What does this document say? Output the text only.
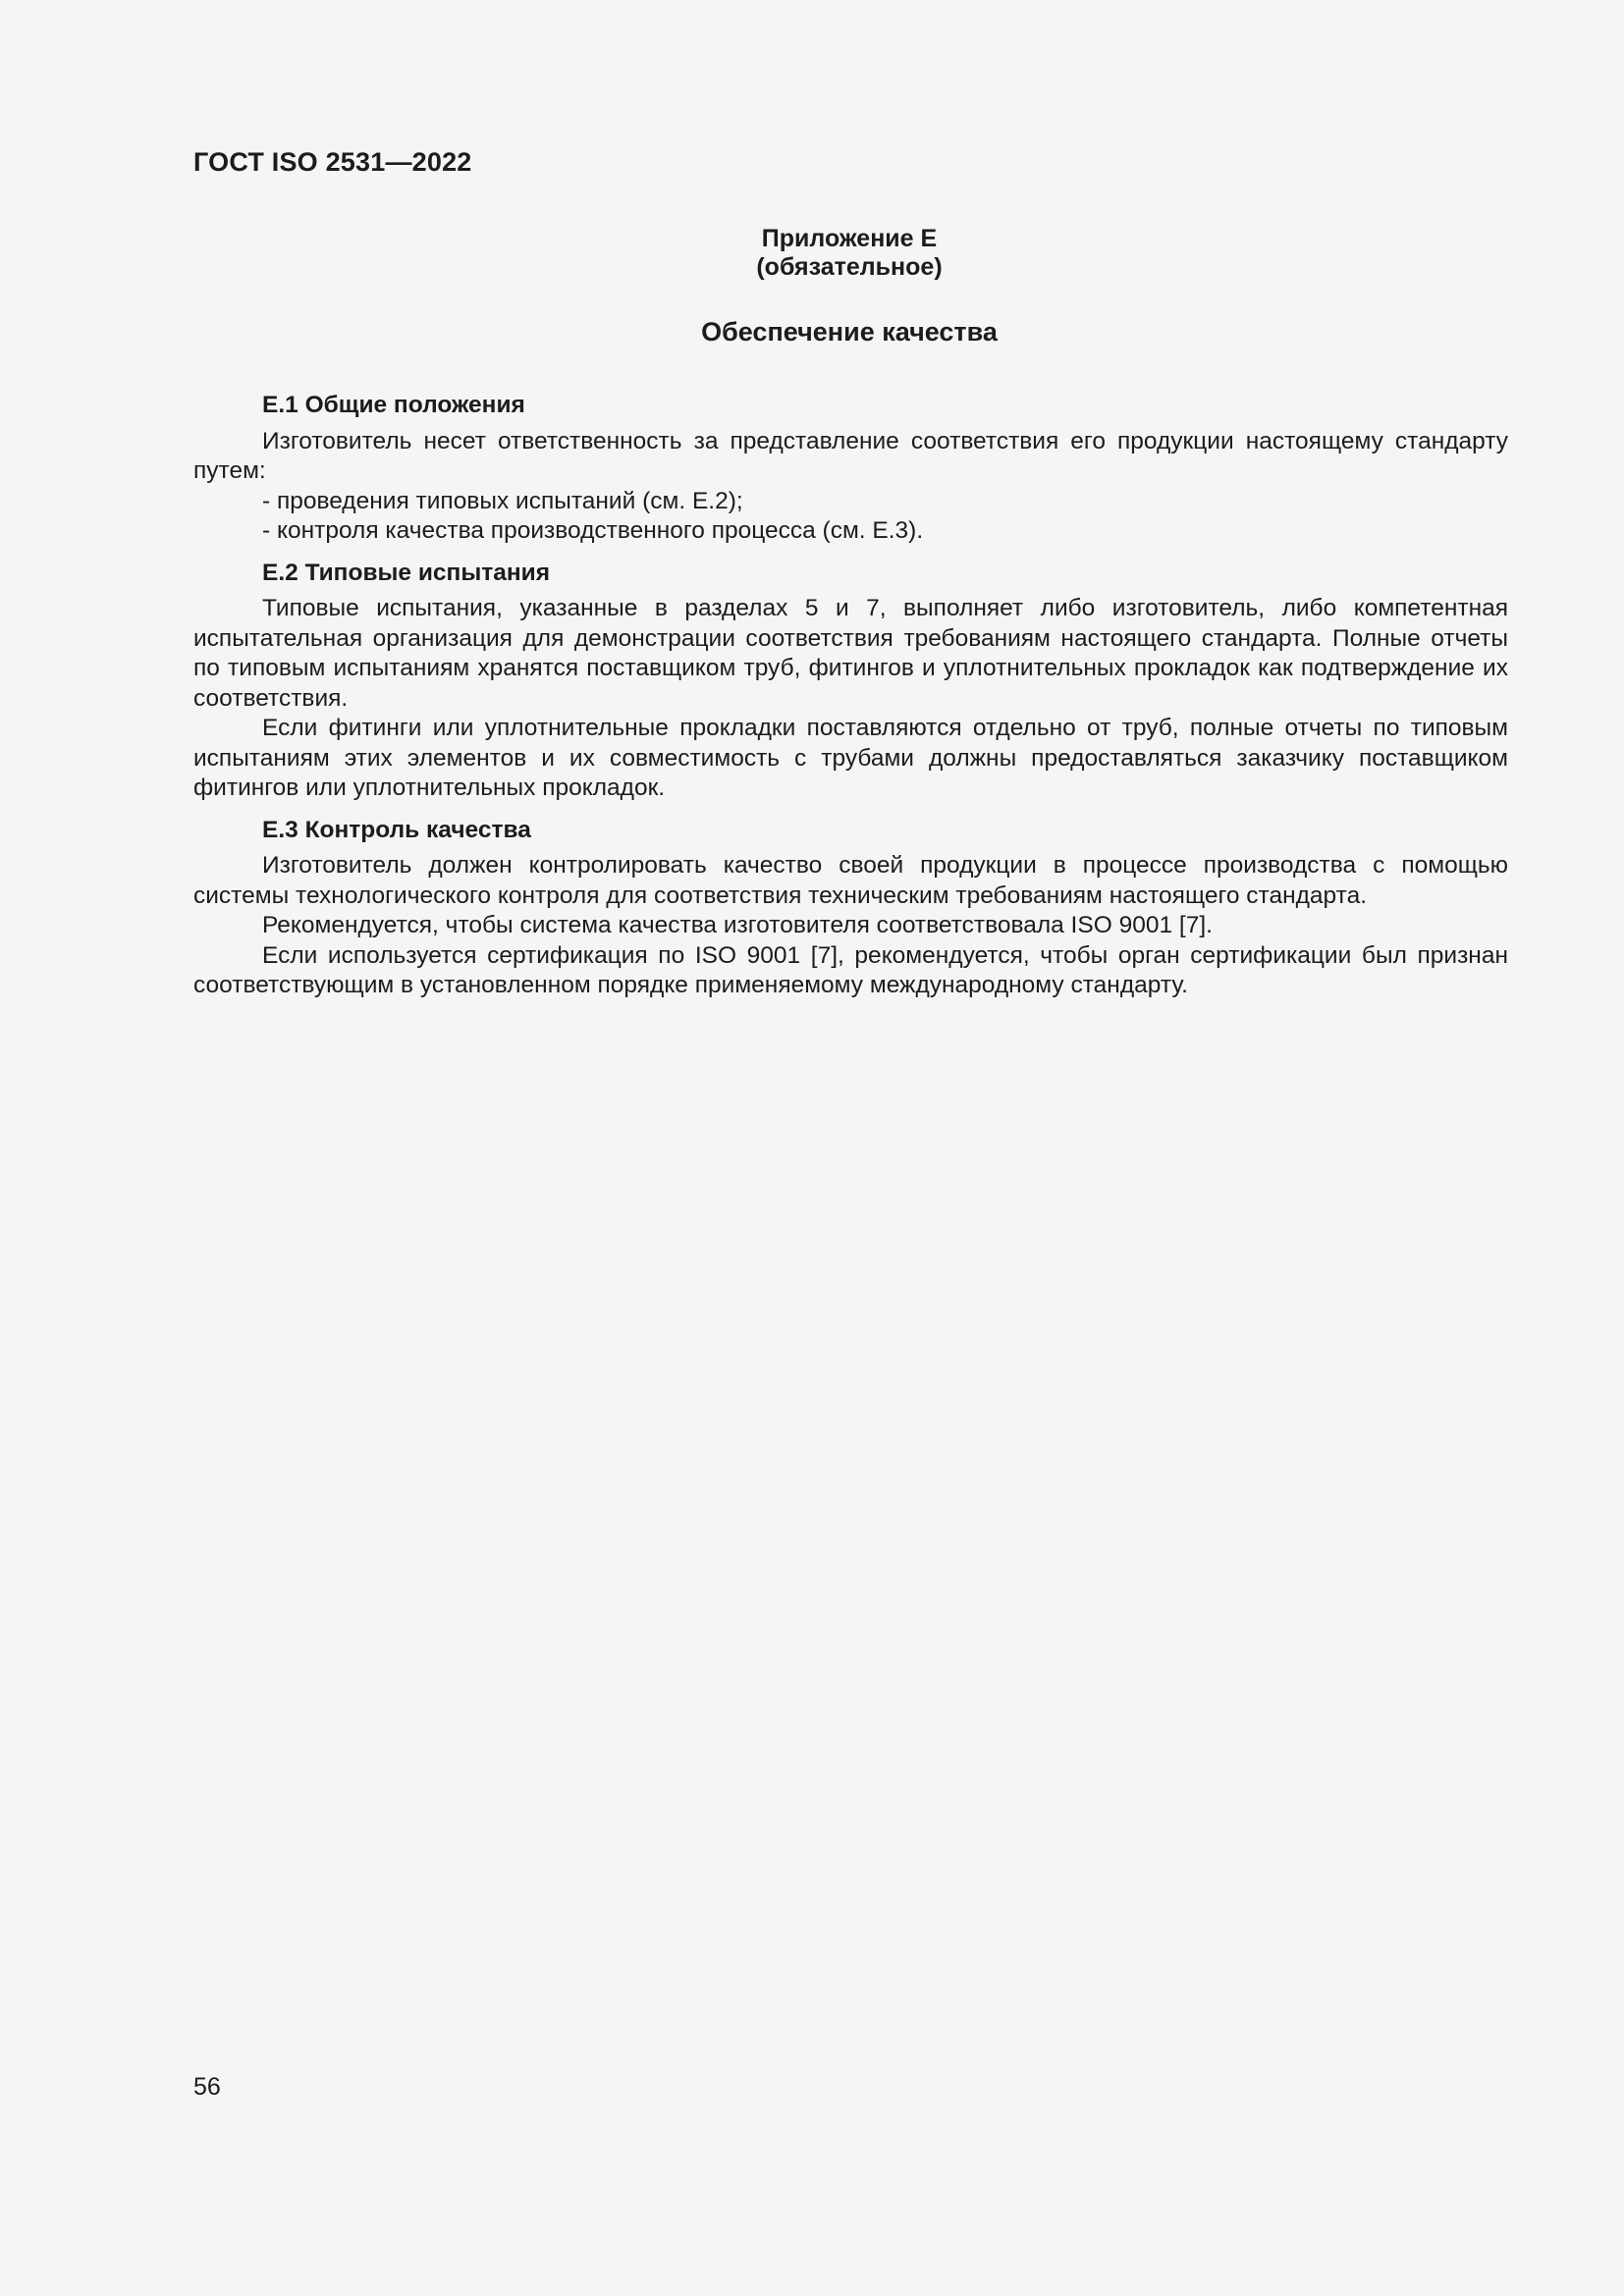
ГОСТ ISO 2531—2022
Приложение Е
(обязательное)
Обеспечение качества
Е.1 Общие положения

Изготовитель несет ответственность за представление соответствия его продукции настоящему стандарту путем:

- проведения типовых испытаний (см. Е.2);

- контроля качества производственного процесса (см. Е.3).

Е.2 Типовые испытания

Типовые испытания, указанные в разделах 5 и 7, выполняет либо изготовитель, либо компетентная испытательная организация для демонстрации соответствия требованиям настоящего стандарта. Полные отчеты по типовым испытаниям хранятся поставщиком труб, фитингов и уплотнительных прокладок как подтверждение их соответствия.

Если фитинги или уплотнительные прокладки поставляются отдельно от труб, полные отчеты по типовым испытаниям этих элементов и их совместимость с трубами должны предоставляться заказчику поставщиком фитингов или уплотнительных прокладок.

Е.3 Контроль качества

Изготовитель должен контролировать качество своей продукции в процессе производства с помощью системы технологического контроля для соответствия техническим требованиям настоящего стандарта.

Рекомендуется, чтобы система качества изготовителя соответствовала ISO 9001 [7].

Если используется сертификация по ISO 9001 [7], рекомендуется, чтобы орган сертификации был признан соответствующим в установленном порядке применяемому международному стандарту.

56
